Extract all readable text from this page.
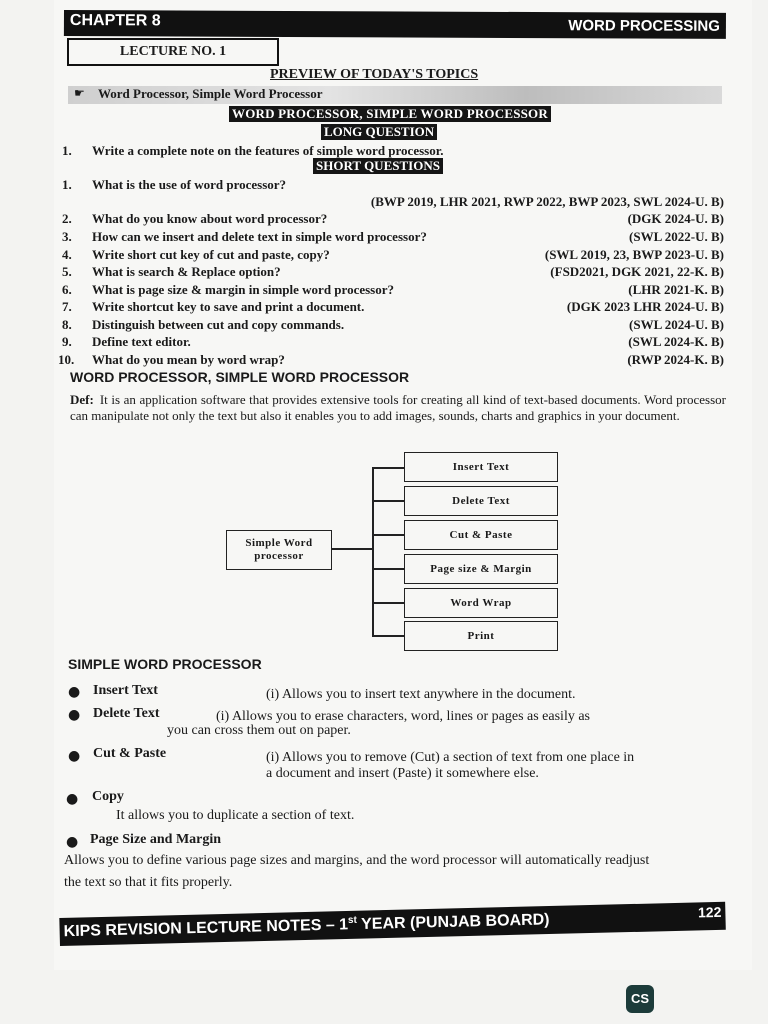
CHAPTER 8	WORD PROCESSING
LECTURE NO. 1
PREVIEW OF TODAY'S TOPICS
☛ Word Processor, Simple Word Processor
WORD PROCESSOR, SIMPLE WORD PROCESSOR
LONG QUESTION
1.	Write a complete note on the features of simple word processor.
SHORT QUESTIONS
1.	What is the use of word processor?
(BWP 2019, LHR 2021, RWP 2022, BWP 2023, SWL 2024-U. B)
2.	What do you know about word processor?	(DGK 2024-U. B)
3.	How can we insert and delete text in simple word processor?	(SWL 2022-U. B)
4.	Write short cut key of cut and paste, copy?	(SWL 2019, 23, BWP 2023-U. B)
5.	What is search & Replace option?	(FSD2021, DGK 2021, 22-K. B)
6.	What is page size & margin in simple word processor?	(LHR 2021-K. B)
7.	Write shortcut key to save and print a document.	(DGK 2023 LHR 2024-U. B)
8.	Distinguish between cut and copy commands.	(SWL 2024-U. B)
9.	Define text editor.	(SWL 2024-K. B)
10.	What do you mean by word wrap?	(RWP 2024-K. B)
WORD PROCESSOR, SIMPLE WORD PROCESSOR
Def: It is an application software that provides extensive tools for creating all kind of text-based documents. Word processor can manipulate not only the text but also it enables you to add images, sounds, charts and graphics in your document.
Simple Word processor
Insert Text
Delete Text
Cut & Paste
Page size & Margin
Word Wrap
Print
SIMPLE WORD PROCESSOR
● Insert Text	(i) Allows you to insert text anywhere in the document.
● Delete Text	(i) Allows you to erase characters, word, lines or pages as easily as
you can cross them out on paper.
● Cut & Paste	(i) Allows you to remove (Cut) a section of text from one place in
a document and insert (Paste) it somewhere else.
● Copy
It allows you to duplicate a section of text.
● Page Size and Margin
Allows you to define various page sizes and margins, and the word processor will automatically readjust
the text so that it fits properly.
KIPS REVISION LECTURE NOTES – 1st YEAR (PUNJAB BOARD)	122
CS
